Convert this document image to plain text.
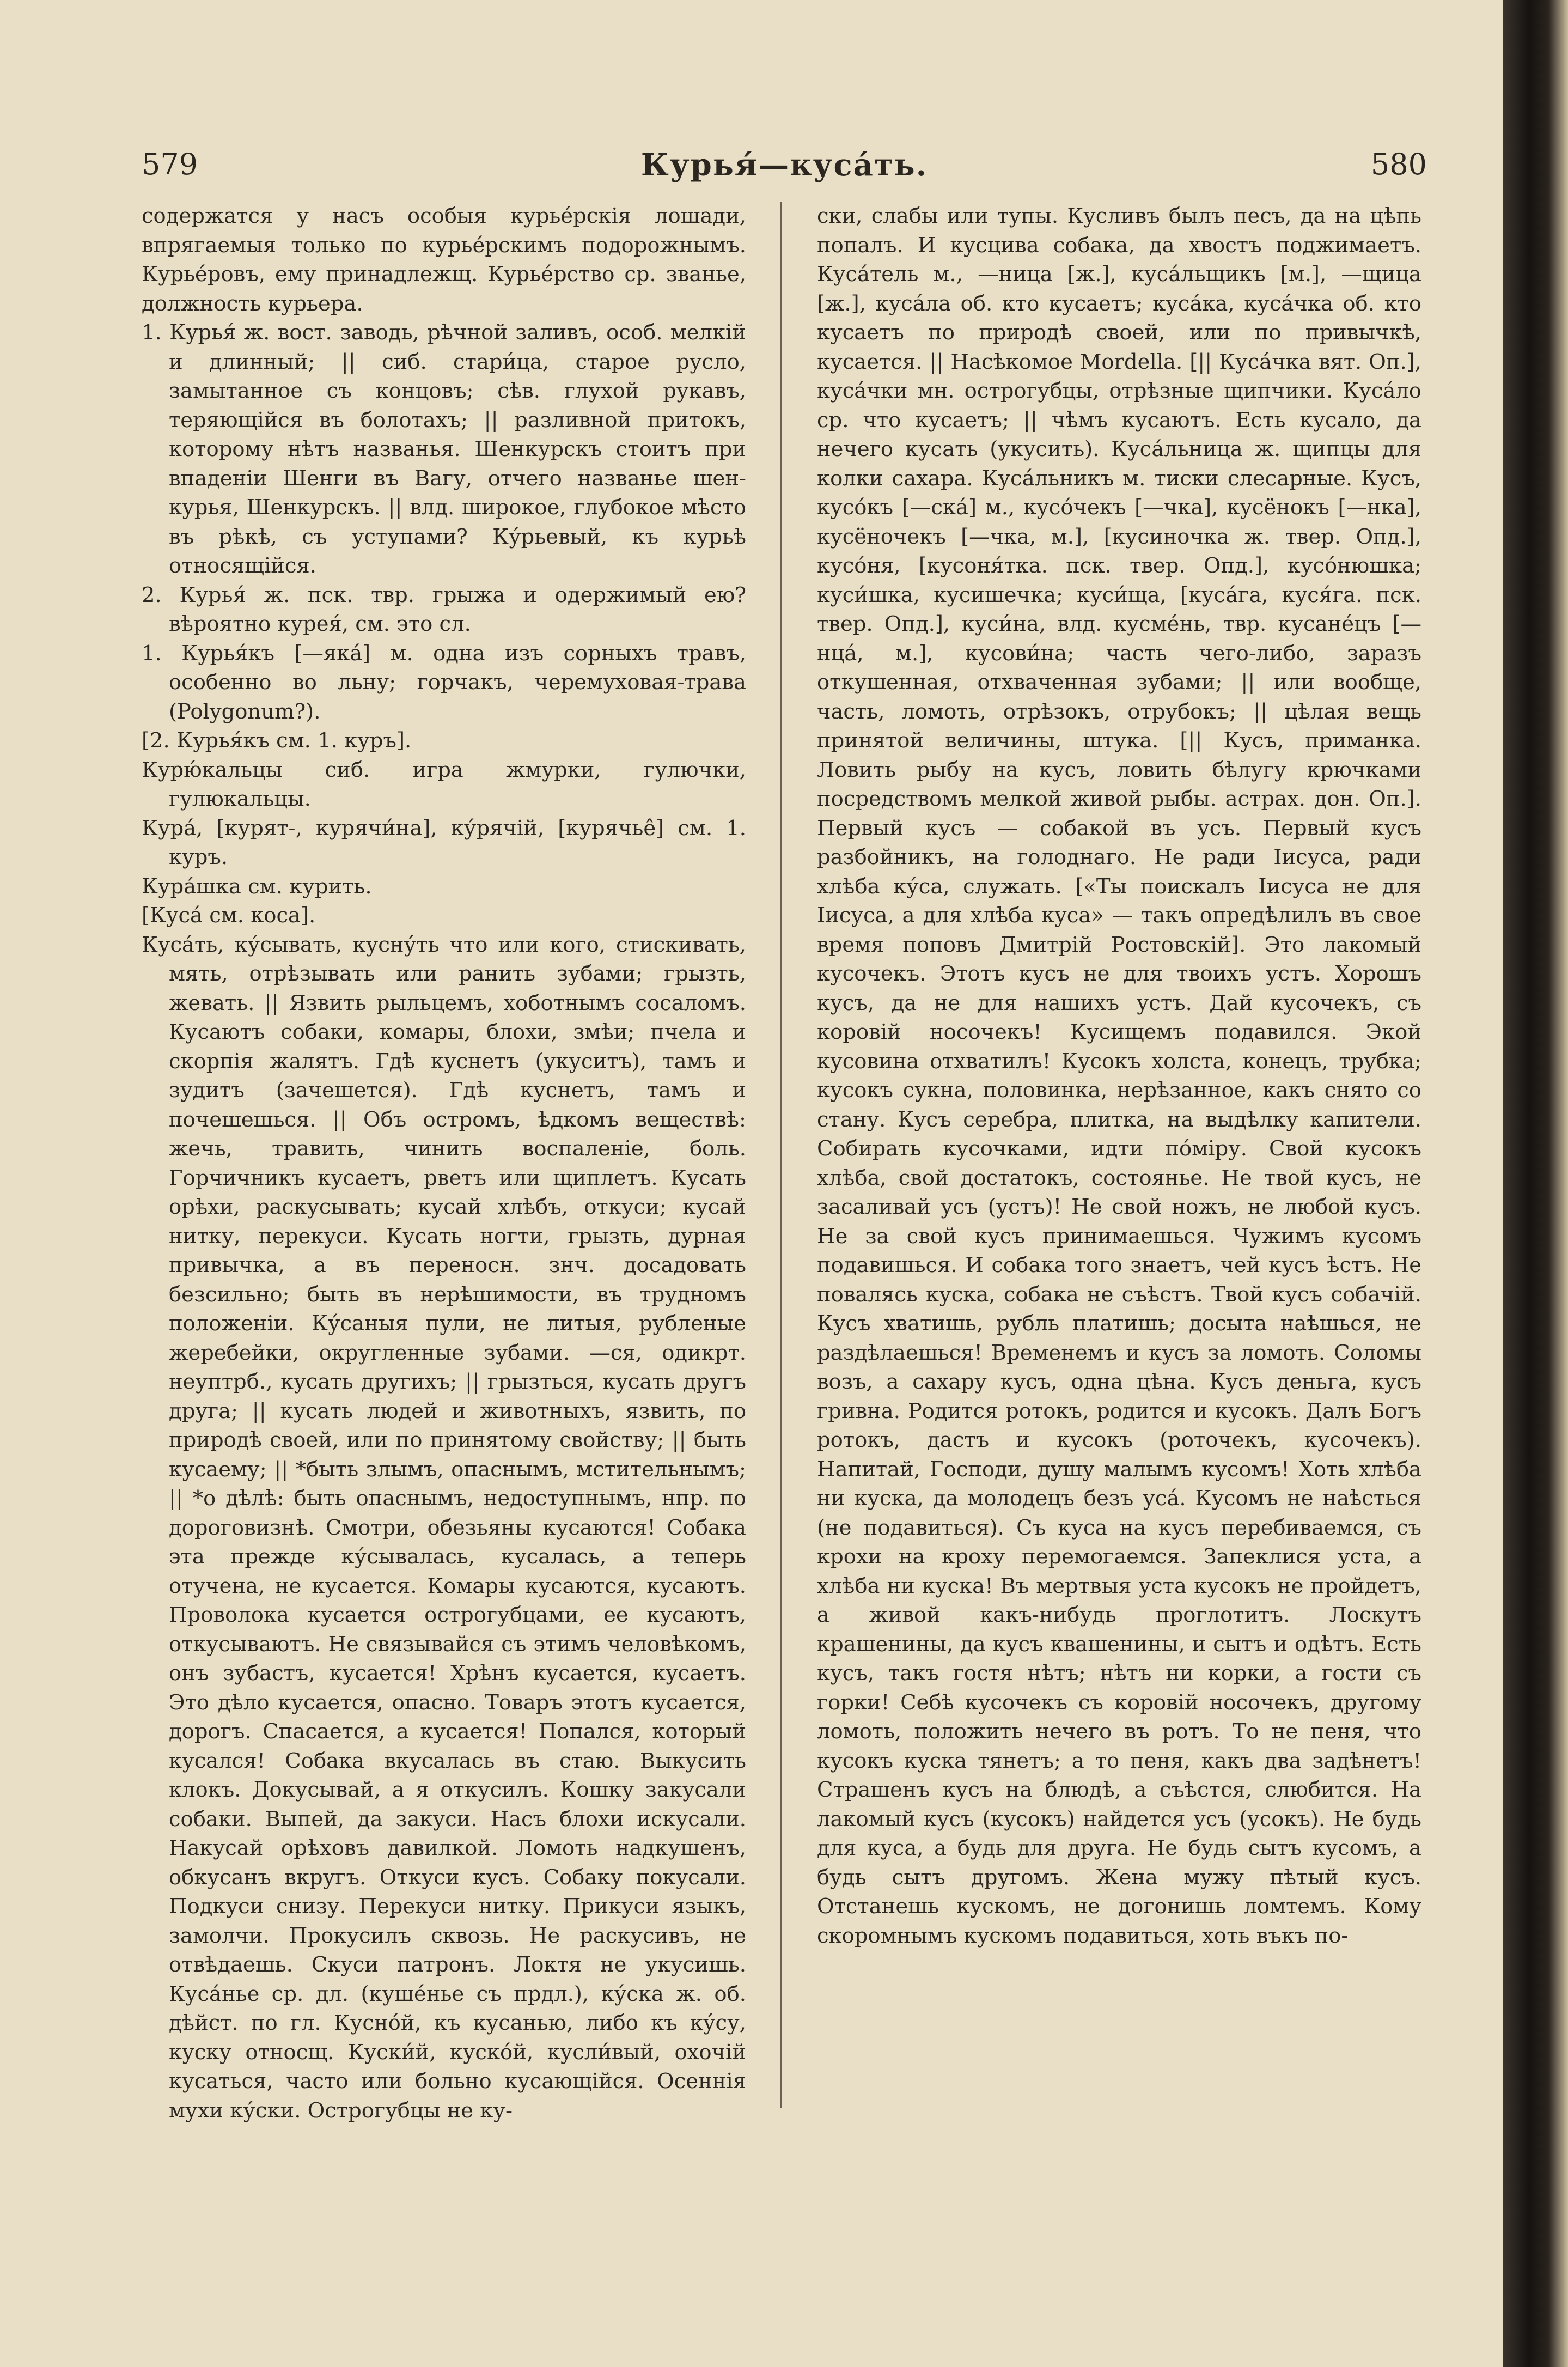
579	Курья́—куса́ть.	580

содержатся у насъ особыя курье́рскія лошади, впрягаемыя только по курье́рскимъ подорожнымъ. Курье́ровъ, ему принадлежщ. Курье́рство ср. званье, должность курьера.

1. Курья́ ж. вост. заводь, рѣчной заливъ, особ. мелкій и длинный; || сиб. стари́ца, старое русло, замытанное съ концовъ; сѣв. глухой рукавъ, теряющійся въ болотахъ; || разливной притокъ, которому нѣтъ названья. Шенкурскъ стоитъ при впаденіи Шенги въ Вагу, отчего названье шен-курья, Шенкурскъ. || влд. широкое, глубокое мѣсто въ рѣкѣ, съ уступами? Ку́рьевый, къ курьѣ относящійся.

2. Курья́ ж. пск. твр. грыжа и одержимый ею? вѣроятно курея́, см. это сл.

1. Курья́къ [—яка́] м. одна изъ сорныхъ травъ, особенно во льну; горчакъ, черемуховая-трава (Polygonum?).

[2. Курья́къ см. 1. куръ].

Курю́кальцы сиб. игра жмурки, гулючки, гулюкальцы.

Кура́, [курят-, курячи́на], ку́рячій, [курячье̂] см. 1. куръ.

Кура́шка см. курить.

[Куса́ см. коса].

Куса́ть, ку́сывать, кусну́ть что или кого, стискивать, мять, отрѣзывать или ранить зубами; грызть, жевать. || Язвить рыльцемъ, хоботнымъ сосаломъ. Кусаютъ собаки, комары, блохи, змѣи; пчела и скорпія жалятъ. Гдѣ куснетъ (укуситъ), тамъ и зудитъ (зачешется). Гдѣ куснетъ, тамъ и почешешься. || Объ остромъ, ѣдкомъ веществѣ: жечь, травить, чинить воспаленіе, боль. Горчичникъ кусаетъ, рветъ или щиплетъ. Кусать орѣхи, раскусывать; кусай хлѣбъ, откуси; кусай нитку, перекуси. Кусать ногти, грызть, дурная привычка, а въ переносн. знч. досадовать безсильно; быть въ нерѣшимости, въ трудномъ положеніи. Ку́саныя пули, не литыя, рубленые жеребейки, округленные зубами. —ся, одикрт. неуптрб., кусать другихъ; || грызться, кусать другъ друга; || кусать людей и животныхъ, язвить, по природѣ своей, или по принятому свойству; || быть кусаему; || *быть злымъ, опаснымъ, мстительнымъ; || *о дѣлѣ: быть опаснымъ, недоступнымъ, нпр. по дороговизнѣ. Смотри, обезьяны кусаются! Собака эта прежде ку́сывалась, кусалась, а теперь отучена, не кусается. Комары кусаются, кусаютъ. Проволока кусается острогубцами, ее кусаютъ, откусываютъ. Не связывайся съ этимъ человѣкомъ, онъ зубастъ, кусается! Хрѣнъ кусается, кусаетъ. Это дѣло кусается, опасно. Товаръ этотъ кусается, дорогъ. Спасается, а кусается! Попался, который кусался! Собака вкусалась въ стаю. Выкусить клокъ. Докусывай, а я откусилъ. Кошку закусали собаки. Выпей, да закуси. Насъ блохи искусали. Накусай орѣховъ давилкой. Ломоть надкушенъ, обкусанъ вкругъ. Откуси кусъ. Собаку покусали. Подкуси снизу. Перекуси нитку. Прикуси языкъ, замолчи. Прокусилъ сквозь. Не раскусивъ, не отвѣдаешь. Скуси патронъ. Локтя не укусишь. Куса́нье ср. дл. (куше́нье съ прдл.), ку́ска ж. об. дѣйст. по гл. Кусно́й, къ кусанью, либо къ ку́су, куску относщ. Куски́й, куско́й, кусли́вый, охочій кусаться, часто или больно кусающійся. Осеннія мухи ку́ски. Острогубцы не ку-

ски, слабы или тупы. Кусливъ былъ песъ, да на цѣпь попалъ. И кусцива собака, да хвостъ поджимаетъ. Куса́тель м., —ница [ж.], куса́льщикъ [м.], —щица [ж.], куса́ла об. кто кусаетъ; куса́ка, куса́чка об. кто кусаетъ по природѣ своей, или по привычкѣ, кусается. || Насѣкомое Mordella. [|| Куса́чка вят. Оп.], куса́чки мн. острогубцы, отрѣзные щипчики. Куса́ло ср. что кусаетъ; || чѣмъ кусаютъ. Есть кусало, да нечего кусать (укусить). Куса́льница ж. щипцы для колки сахара. Куса́льникъ м. тиски слесарные. Кусъ, кусо́къ [—ска́] м., кусо́чекъ [—чка], кусёнокъ [—нка], кусёночекъ [—чка, м.], [кусинoчка ж. твер. Опд.], кусо́ня, [кусоня́тка. пск. твер. Опд.], кусо́нюшка; куси́шка, кусишечка; куси́ща, [куса́га, куся́га. пск. твер. Опд.], куси́на, влд. кусме́нь, твр. кусане́цъ [—нца́, м.], кусови́на; часть чего-либо, заразъ откушенная, отхваченная зубами; || или вообще, часть, ломоть, отрѣзокъ, отрубокъ; || цѣлая вещь принятой величины, штука. [|| Кусъ, приманка. Ловить рыбу на кусъ, ловить бѣлугу крючками посредствомъ мелкой живой рыбы. астрах. дон. Оп.]. Первый кусъ — собакой въ усъ. Первый кусъ разбойникъ, на голоднаго. Не ради Іисуса, ради хлѣба ку́са, служать. [«Ты поискалъ Іисуса не для Іисуса, а для хлѣба куса» — такъ опредѣлилъ въ свое время поповъ Дмитрій Ростовскій]. Это лакомый кусочекъ. Этотъ кусъ не для твоихъ устъ. Хорошъ кусъ, да не для нашихъ устъ. Дай кусочекъ, съ коровій носочекъ! Кусищемъ подавился. Экой кусовина отхватилъ! Кусокъ холста, конецъ, трубка; кусокъ сукна, половинка, нерѣзанное, какъ снято со стану. Кусъ серебра, плитка, на выдѣлку капители. Собирать кусочками, идти по́міру. Свой кусокъ хлѣба, свой достатокъ, состоянье. Не твой кусъ, не засаливай усъ (устъ)! Не свой ножъ, не любой кусъ. Не за свой кусъ принимаешься. Чужимъ кусомъ подавишься. И собака того знаетъ, чей кусъ ѣстъ. Не повалясь куска, собака не съѣстъ. Твой кусъ собачій. Кусъ хватишь, рубль платишь; досыта наѣшься, не раздѣлаешься! Временемъ и кусъ за ломоть. Соломы возъ, а сахару кусъ, одна цѣна. Кусъ деньга, кусъ гривна. Родится ротокъ, родится и кусокъ. Далъ Богъ ротокъ, дастъ и кусокъ (роточекъ, кусочекъ). Напитай, Господи, душу малымъ кусомъ! Хоть хлѣба ни куска, да молодецъ безъ уса́. Кусомъ не наѣсться (не подавиться). Съ куса на кусъ перебиваемся, съ крохи на кроху перемогаемся. Запеклися уста, а хлѣба ни куска! Въ мертвыя уста кусокъ не пройдетъ, а живой какъ-нибудь проглотитъ. Лоскутъ крашенины, да кусъ квашенины, и сытъ и одѣтъ. Есть кусъ, такъ гостя нѣтъ; нѣтъ ни корки, а гости съ горки! Себѣ кусочекъ съ коровій носочекъ, другому ломоть, положить нечего въ ротъ. То не пеня, что кусокъ куска тянетъ; а то пеня, какъ два задѣнетъ! Страшенъ кусъ на блюдѣ, а съѣстся, слюбится. На лакомый кусъ (кусокъ) найдется усъ (усокъ). Не будь для куса, а будь для друга. Не будь сытъ кусомъ, а будь сытъ другомъ. Жена мужу пѣтый кусъ. Отстанешь кускомъ, не догонишь ломтемъ. Кому скоромнымъ кускомъ подавиться, хоть въкъ по-
